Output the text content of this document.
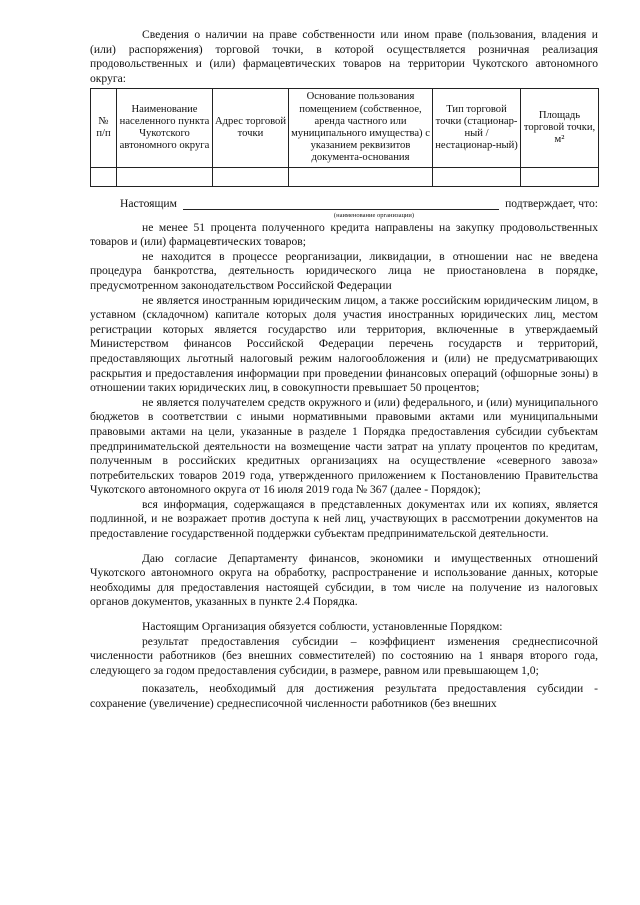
Сведения о наличии на праве собственности или ином праве (пользования, владения и (или) распоряжения) торговой точки, в которой осуществляется розничная реализация продовольственных и (или) фармацевтических товаров на территории Чукотского автономного округа:

№ п/п	Наименование населенного пункта Чукотского автономного округа	Адрес торговой точки	Основание пользования помещением (собственное, аренда частного или муниципального имущества) с указанием реквизитов документа-основания	Тип торговой точки (стационар-ный / нестационар-ный)	Площадь торговой точки, м²

Настоящим	подтверждает, что:
(наименование организации)

не менее 51 процента полученного кредита направлены на закупку продовольственных товаров и (или) фармацевтических товаров;

не находится в процессе реорганизации, ликвидации, в отношении нас не введена процедура банкротства, деятельность юридического лица не приостановлена в порядке, предусмотренном законодательством Российской Федерации

не является иностранным юридическим лицом, а также российским юридическим лицом, в уставном (складочном) капитале которых доля участия иностранных юридических лиц, местом регистрации которых является государство или территория, включенные в утверждаемый Министерством финансов Российской Федерации перечень государств и территорий, предоставляющих льготный налоговый режим налогообложения и (или) не предусматривающих раскрытия и предоставления информации при проведении финансовых операций (офшорные зоны) в отношении таких юридических лиц, в совокупности превышает 50 процентов;

не является получателем средств окружного и (или) федерального, и (или) муниципального бюджетов в соответствии с иными нормативными правовыми актами или муниципальными правовыми актами на цели, указанные в разделе 1 Порядка предоставления субсидии субъектам предпринимательской деятельности на возмещение части затрат на уплату процентов по кредитам, полученным в российских кредитных организациях на осуществление «северного завоза» потребительских товаров 2019 года, утвержденного приложением к Постановлению Правительства Чукотского автономного округа от 16 июля 2019 года № 367 (далее - Порядок);

вся информация, содержащаяся в представленных документах или их копиях, является подлинной, и не возражает против доступа к ней лиц, участвующих в рассмотрении документов на предоставление государственной поддержки субъектам предпринимательской деятельности.

Даю согласие Департаменту финансов, экономики и имущественных отношений Чукотского автономного округа на обработку, распространение и использование данных, которые необходимы для предоставления настоящей субсидии, в том числе на получение из налоговых органов документов, указанных в пункте 2.4 Порядка.

Настоящим Организация обязуется соблюсти, установленные Порядком:

результат предоставления субсидии – коэффициент изменения среднесписочной численности работников (без внешних совместителей) по состоянию на 1 января второго года, следующего за годом предоставления субсидии, в размере, равном или превышающем 1,0;

показатель, необходимый для достижения результата предоставления субсидии - сохранение (увеличение) среднесписочной численности работников (без внешних
